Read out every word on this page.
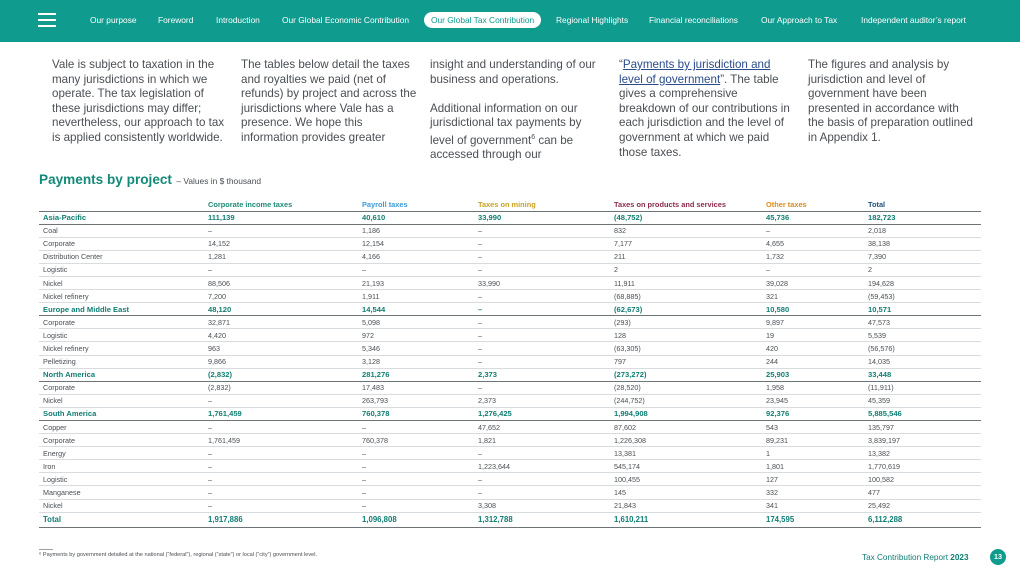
Our purpose	Foreword	Introduction	Our Global Economic Contribution	Our Global Tax Contribution	Regional Highlights Financial reconciliations	Our Approach to Tax	Independent auditor’s report
Vale is subject to taxation in the many jurisdictions in which we operate. The tax legislation of these jurisdictions may differ; nevertheless, our approach to tax is applied consistently worldwide.
The tables below detail the taxes and royalties we paid (net of refunds) by project and across the jurisdictions where Vale has a presence. We hope this information provides greater
insight and understanding of our business and operations.

Additional information on our jurisdictional tax payments by level of government$^6$ can be accessed through our
“Payments by jurisdiction and level of government”. The table gives a comprehensive breakdown of our contributions in each jurisdiction and the level of government at which we paid those taxes.
The figures and analysis by jurisdiction and level of government have been presented in accordance with the basis of preparation outlined in Appendix 1.
Payments by project – Values in $ thousand
	Corporate income taxes	Payroll taxes	Taxes on mining	Taxes on products and services	Other taxes	Total
Asia-Pacific	111,139	40,610	33,990	(48,752)	45,736	182,723
Coal	–	1,186	–	832	–	2,018
Corporate	14,152	12,154	–	7,177	4,655	38,138
Distribution Center	1,281	4,166	–	211	1,732	7,390
Logistic	–	–	–	2	–	2
Nickel	88,506	21,193	33,990	11,911	39,028	194,628
Nickel refinery	7,200	1,911	–	(68,885)	321	(59,453)
Europe and Middle East	48,120	14,544	–	(62,673)	10,580	10,571
Corporate	32,871	5,098	–	(293)	9,897	47,573
Logistic	4,420	972	–	128	19	5,539
Nickel refinery	963	5,346	–	(63,305)	420	(56,576)
Pelletizing	9,866	3,128	–	797	244	14,035
North America	(2,832)	281,276	2,373	(273,272)	25,903	33,448
Corporate	(2,832)	17,483	–	(28,520)	1,958	(11,911)
Nickel	–	263,793	2,373	(244,752)	23,945	45,359
South America	1,761,459	760,378	1,276,425	1,994,908	92,376	5,885,546
Copper	–	–	47,652	87,602	543	135,797
Corporate	1,761,459	760,378	1,821	1,226,308	89,231	3,839,197
Energy	–	–	–	13,381	1	13,382
Iron	–	–	1,223,644	545,174	1,801	1,770,619
Logistic	–	–	–	100,455	127	100,582
Manganese	–	–	–	145	332	477
Nickel	–	–	3,308	21,843	341	25,492
Total	1,917,886	1,096,808	1,312,788	1,610,211	174,595	6,112,288
⁶ Payments by government detailed at the national (“federal”), regional (“state”) or local (“city”) government level.	Tax Contribution Report 2023	13
